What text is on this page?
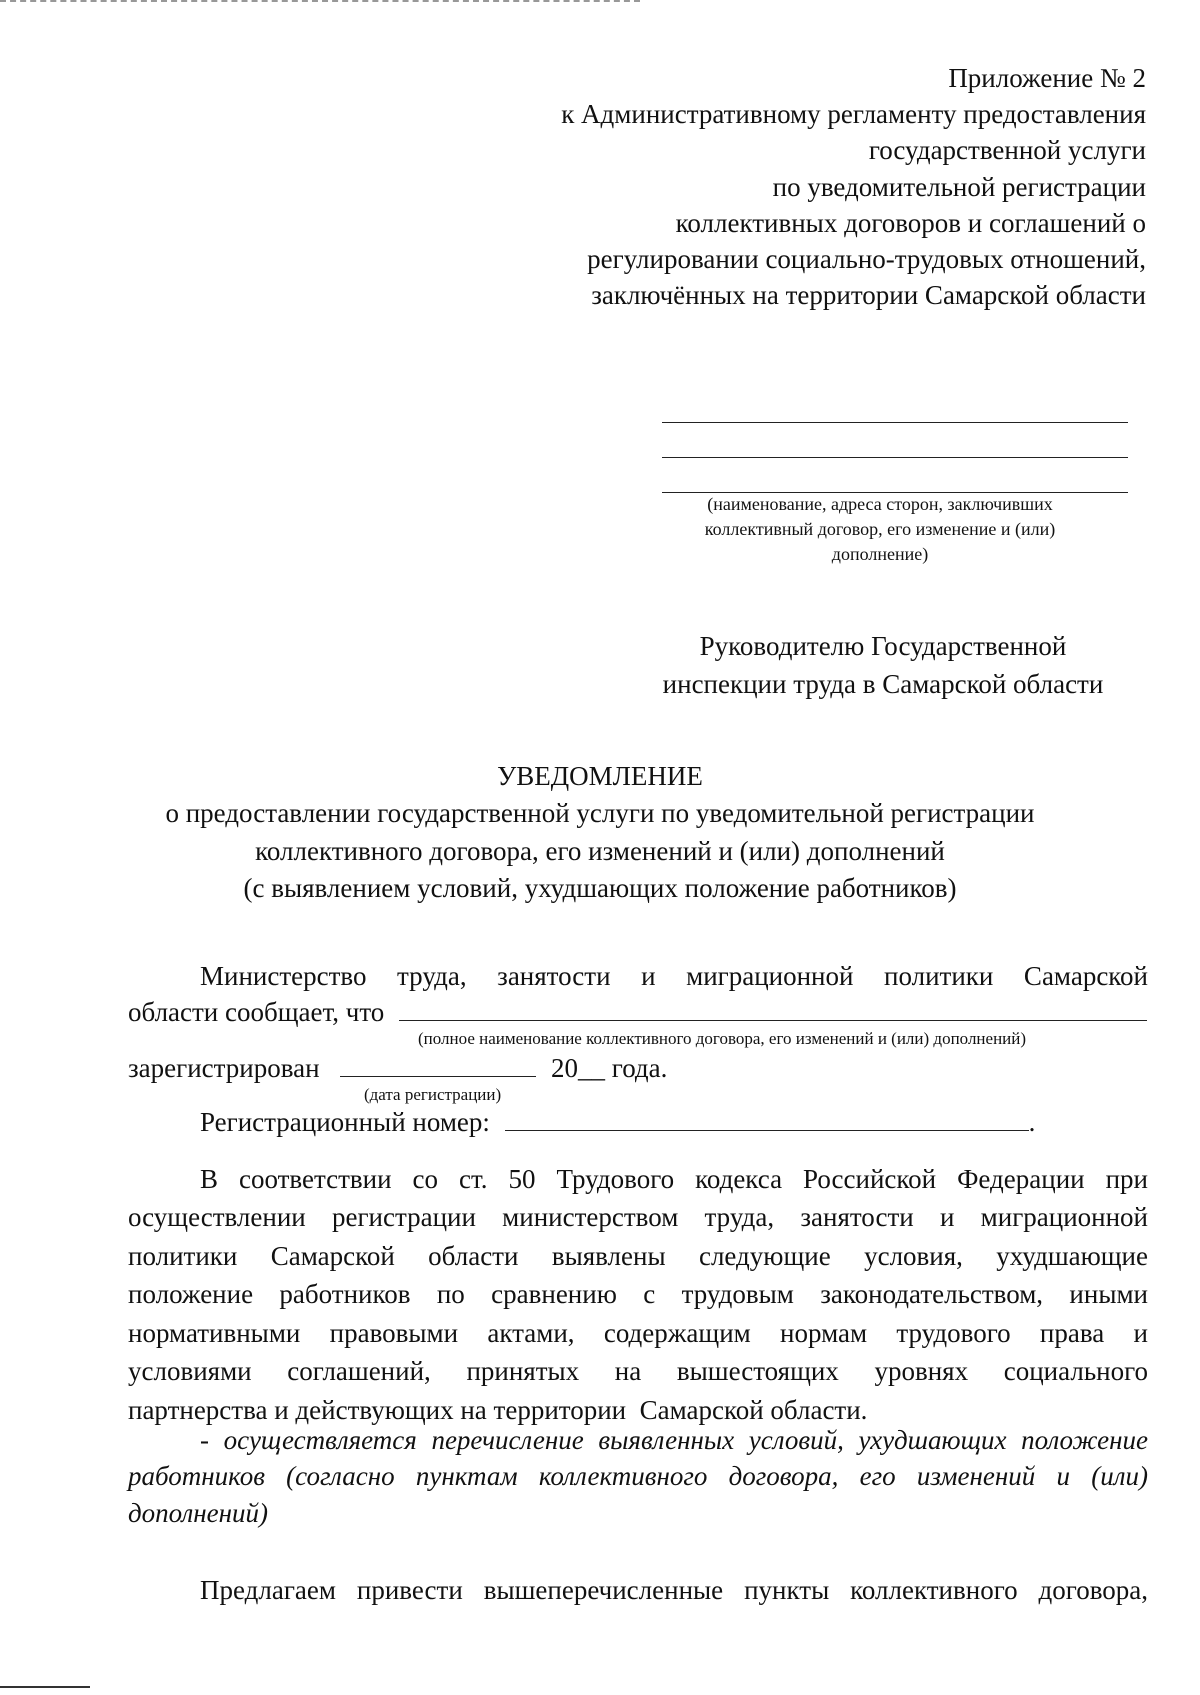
Приложение № 2
к Административному регламенту предоставления
государственной услуги
по уведомительной регистрации
коллективных договоров и соглашений о
регулировании социально-трудовых отношений,
заключённых на территории Самарской области
(наименование, адреса сторон, заключивших
коллективный договор, его изменение и (или)
дополнение)
Руководителю Государственной
инспекции труда в Самарской области
УВЕДОМЛЕНИЕ
о предоставлении государственной услуги по уведомительной регистрации
коллективного договора, его изменений и (или) дополнений
(с выявлением условий, ухудшающих положение работников)
Министерство  труда,  занятости  и  миграционной  политики  Самарской
области сообщает, что
(полное наименование коллективного договора, его изменений и (или) дополнений)
зарегистрирован	20__ года.
(дата регистрации)
Регистрационный номер:	.
В соответствии со ст. 50 Трудового кодекса Российской Федерации при
осуществлении регистрации министерством труда, занятости и миграционной
политики Самарской области выявлены следующие условия, ухудшающие
положение работников по сравнению с трудовым законодательством, иными
нормативными правовыми актами, содержащим нормам трудового права и
условиями соглашений, принятых на вышестоящих уровнях социального
партнерства и действующих на территории  Самарской области.
- осуществляется перечисление выявленных условий, ухудшающих положение
работников (согласно пунктам коллективного договора, его изменений и (или)
дополнений)
Предлагаем привести вышеперечисленные пункты коллективного договора,
